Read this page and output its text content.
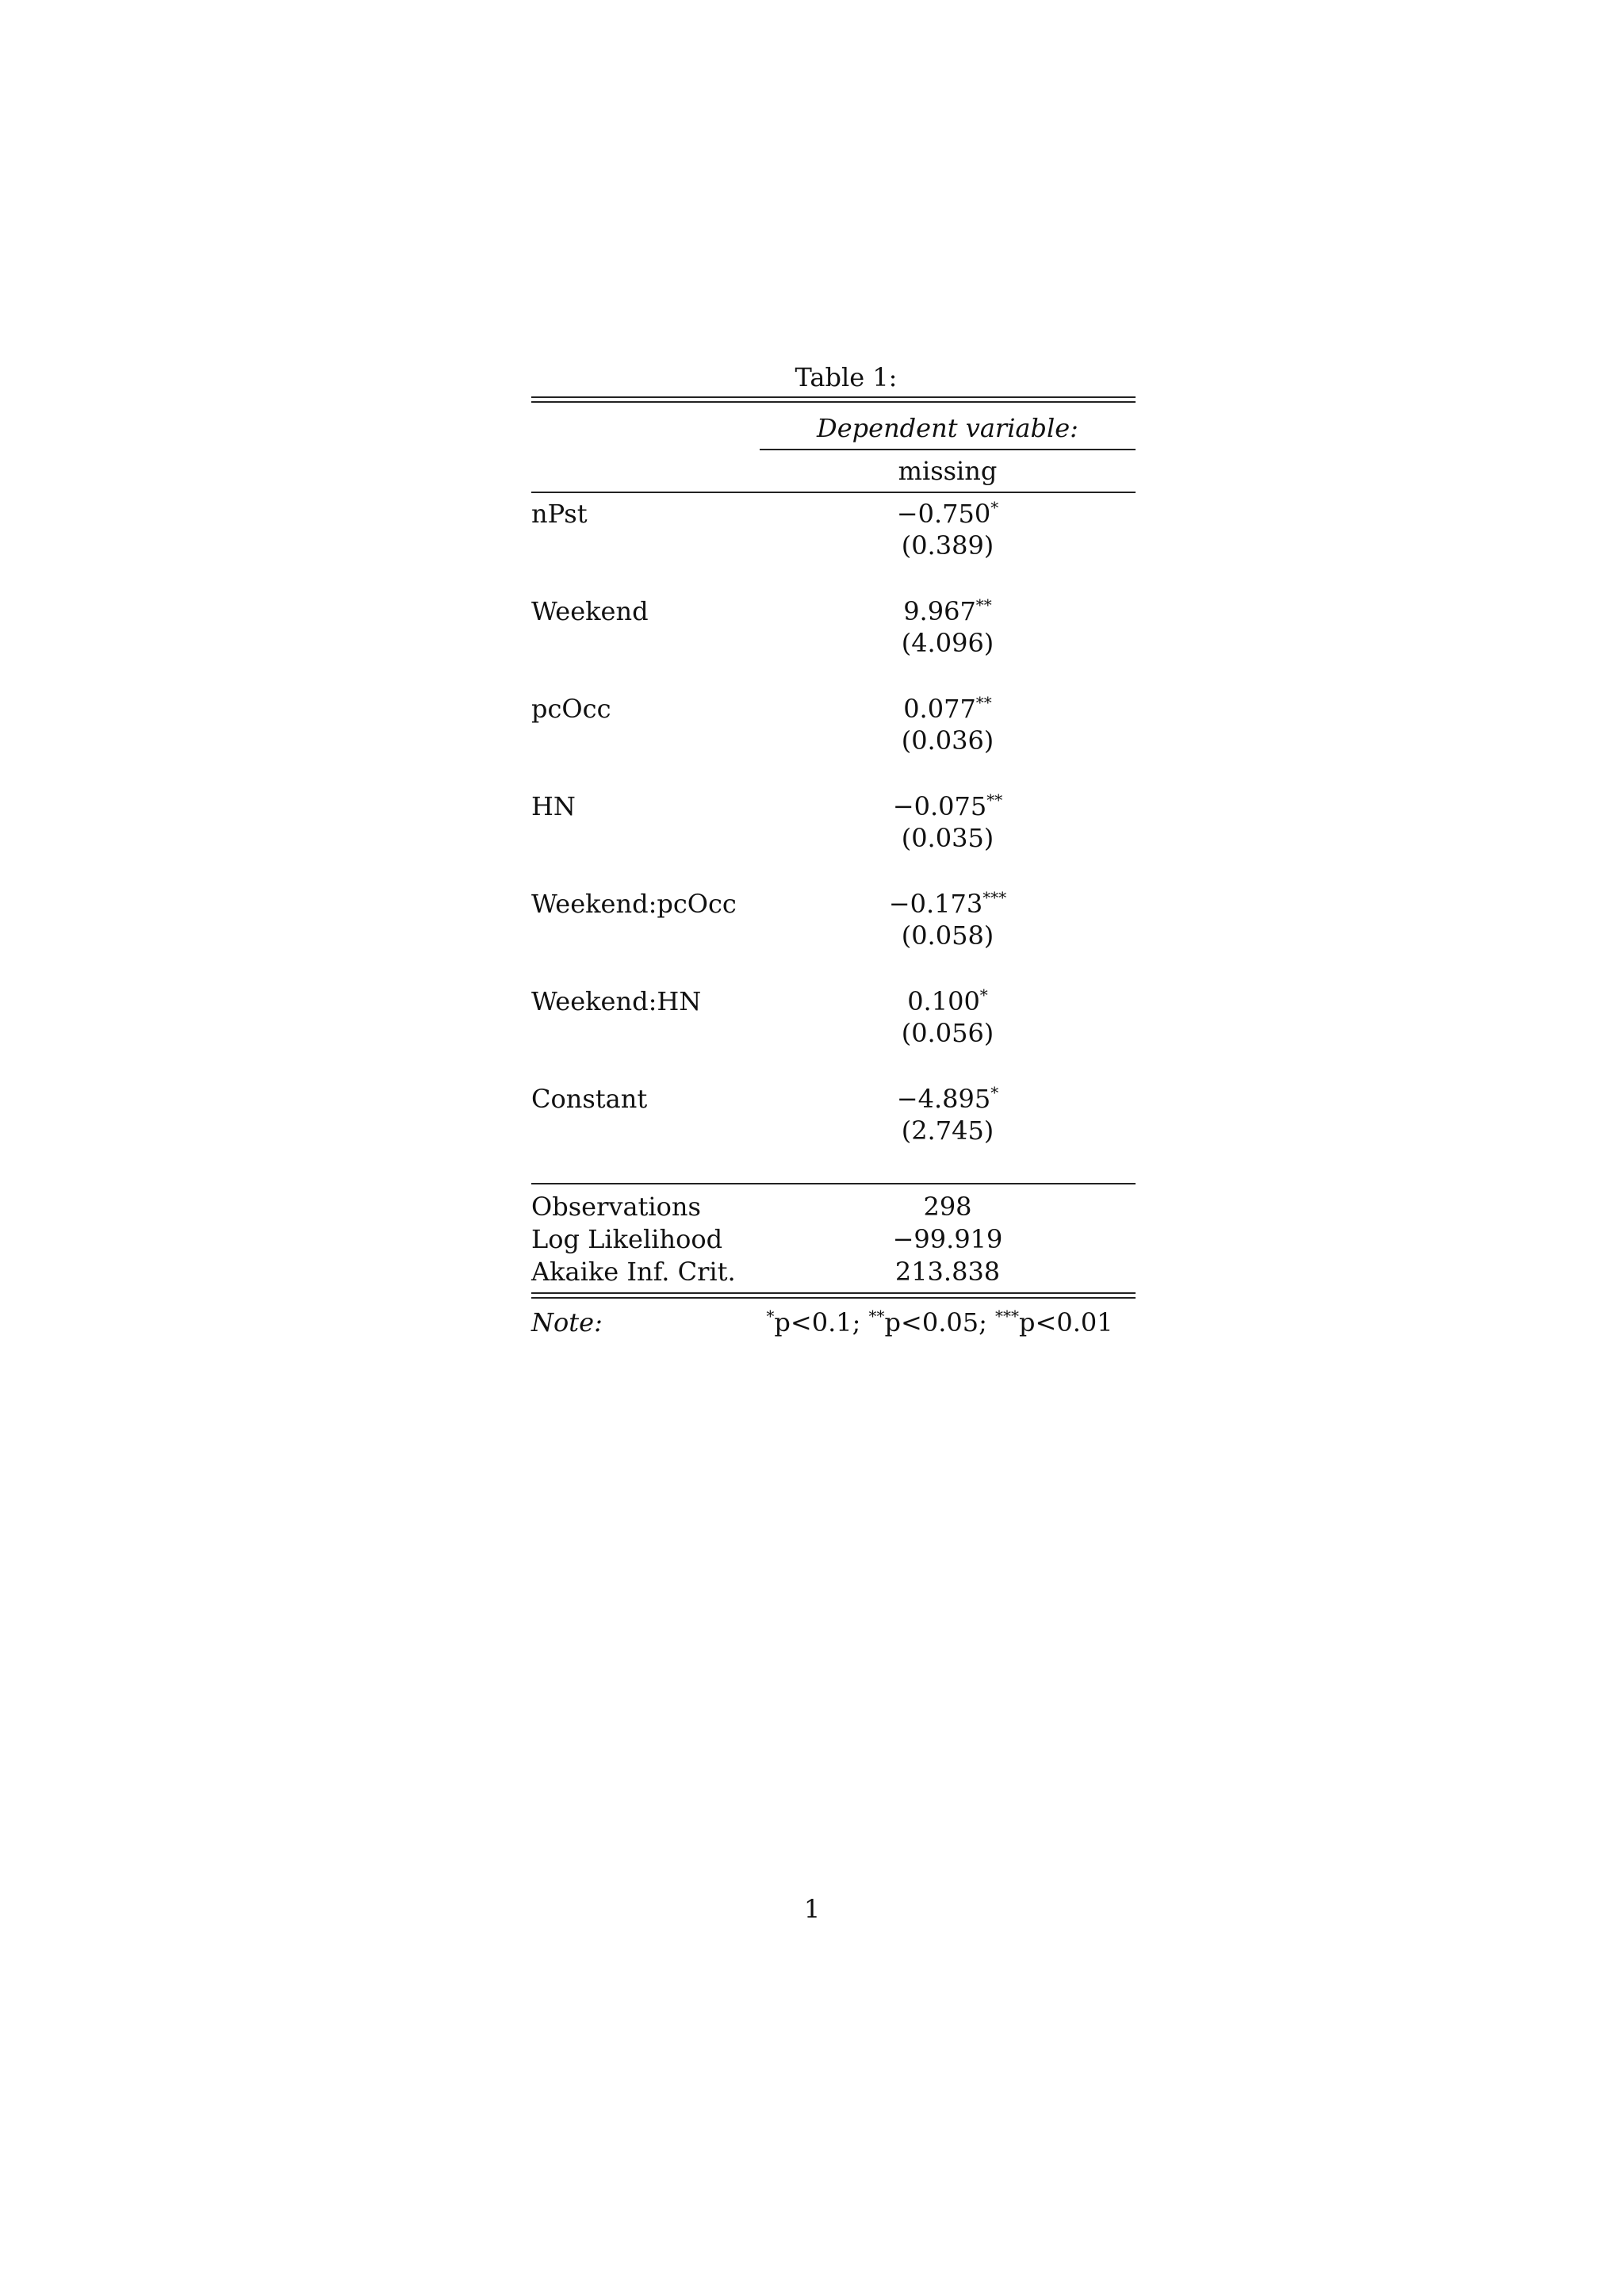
Table 1:
Dependent variable:
missing
nPst	−0.750*
(0.389)
Weekend	9.967**
(4.096)
pcOcc	0.077**
(0.036)
HN	−0.075**
(0.035)
Weekend:pcOcc	−0.173***
(0.058)
Weekend:HN	0.100*
(0.056)
Constant	−4.895*
(2.745)
Observations	298
Log Likelihood	−99.919
Akaike Inf. Crit.	213.838
Note:	*p<0.1; **p<0.05; ***p<0.01
1
